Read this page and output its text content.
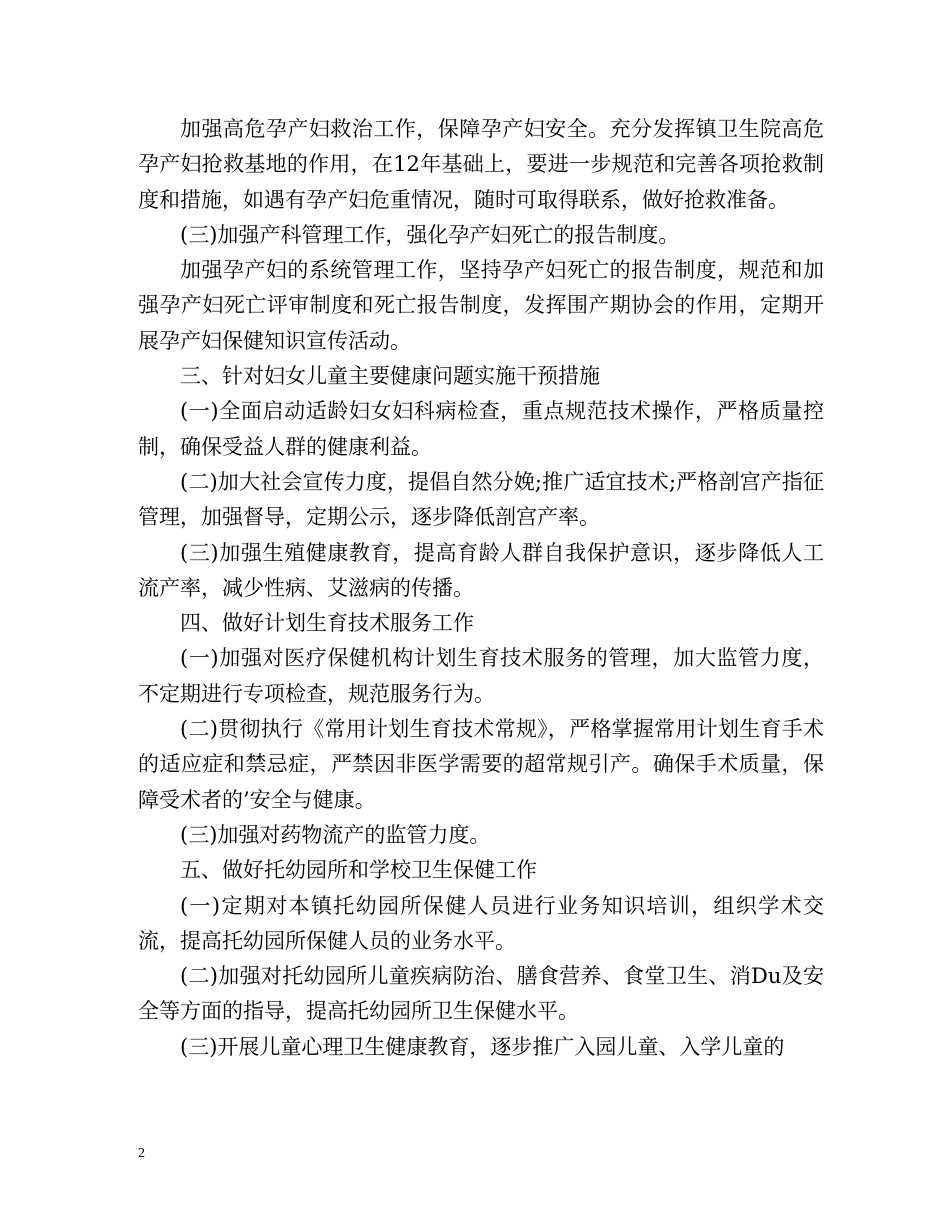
加强高危孕产妇救治工作，保障孕产妇安全。充分发挥镇卫生院高危孕产妇抢救基地的作用，在12年基础上，要进一步规范和完善各项抢救制度和措施，如遇有孕产妇危重情况，随时可取得联系，做好抢救准备。

(三)加强产科管理工作，强化孕产妇死亡的报告制度。

加强孕产妇的系统管理工作，坚持孕产妇死亡的报告制度，规范和加强孕产妇死亡评审制度和死亡报告制度，发挥围产期协会的作用，定期开展孕产妇保健知识宣传活动。

三、针对妇女儿童主要健康问题实施干预措施

(一)全面启动适龄妇女妇科病检查，重点规范技术操作，严格质量控制，确保受益人群的健康利益。

(二)加大社会宣传力度，提倡自然分娩;推广适宜技术;严格剖宫产指征管理，加强督导，定期公示，逐步降低剖宫产率。

(三)加强生殖健康教育，提高育龄人群自我保护意识，逐步降低人工流产率，减少性病、艾滋病的传播。

四、做好计划生育技术服务工作

(一)加强对医疗保健机构计划生育技术服务的管理，加大监管力度，不定期进行专项检查，规范服务行为。

(二)贯彻执行《常用计划生育技术常规》，严格掌握常用计划生育手术的适应症和禁忌症，严禁因非医学需要的超常规引产。确保手术质量，保障受术者的’安全与健康。

(三)加强对药物流产的监管力度。

五、做好托幼园所和学校卫生保健工作

(一)定期对本镇托幼园所保健人员进行业务知识培训，组织学术交流，提高托幼园所保健人员的业务水平。

(二)加强对托幼园所儿童疾病防治、膳食营养、食堂卫生、消Du及安全等方面的指导，提高托幼园所卫生保健水平。

(三)开展儿童心理卫生健康教育，逐步推广入园儿童、入学儿童的

2
